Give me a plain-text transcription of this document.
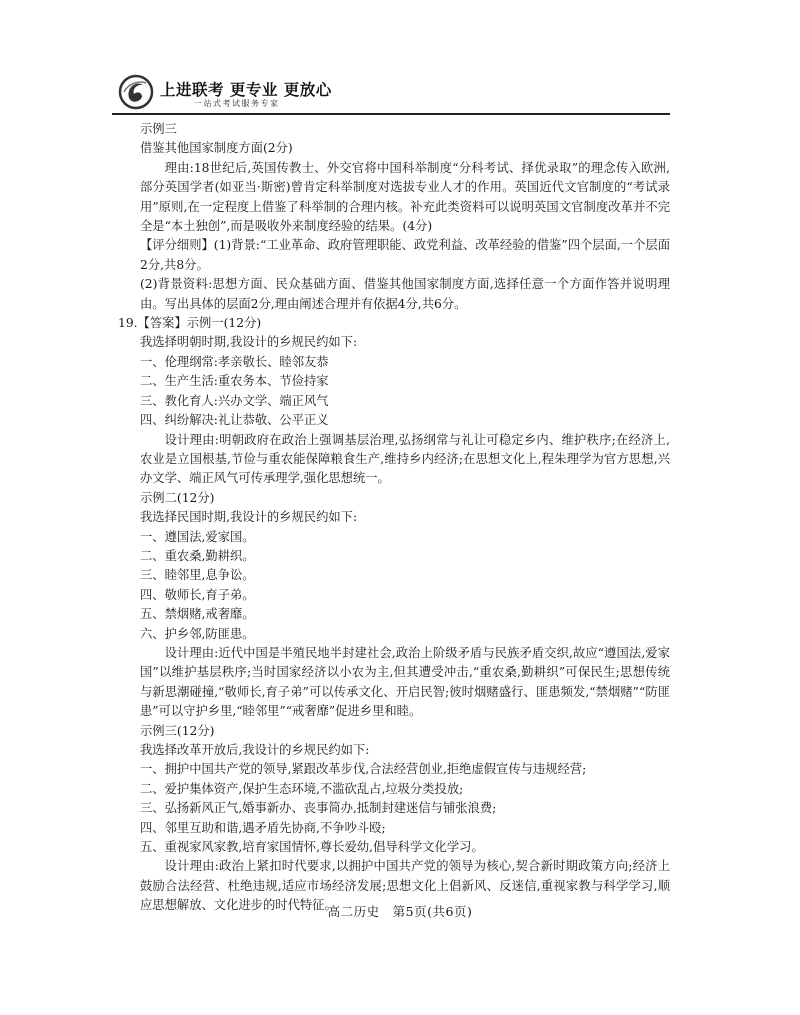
上进联考 更专业 更放心
一站式考试服务专家

示例三

借鉴其他国家制度方面(2分)

理由:18世纪后,英国传教士、外交官将中国科举制度“分科考试、择优录取”的理念传入欧洲,部分英国学者(如亚当·斯密)曾肯定科举制度对选拔专业人才的作用。英国近代文官制度的“考试录用”原则,在一定程度上借鉴了科举制的合理内核。补充此类资料可以说明英国文官制度改革并不完全是“本土独创”,而是吸收外来制度经验的结果。(4分)

【评分细则】(1)背景:“工业革命、政府管理职能、政党利益、改革经验的借鉴”四个层面,一个层面2分,共8分。

(2)背景资料:思想方面、民众基础方面、借鉴其他国家制度方面,选择任意一个方面作答并说明理由。写出具体的层面2分,理由阐述合理并有依据4分,共6分。

19.【答案】示例一(12分)

我选择明朝时期,我设计的乡规民约如下:

一、伦理纲常:孝亲敬长、睦邻友恭

二、生产生活:重农务本、节俭持家

三、教化育人:兴办文学、端正风气

四、纠纷解决:礼让恭敬、公平正义

设计理由:明朝政府在政治上强调基层治理,弘扬纲常与礼让可稳定乡内、维护秩序;在经济上,农业是立国根基,节俭与重农能保障粮食生产,维持乡内经济;在思想文化上,程朱理学为官方思想,兴办文学、端正风气可传承理学,强化思想统一。

示例二(12分)

我选择民国时期,我设计的乡规民约如下:

一、遵国法,爱家国。

二、重农桑,勤耕织。

三、睦邻里,息争讼。

四、敬师长,育子弟。

五、禁烟赌,戒奢靡。

六、护乡邻,防匪患。

设计理由:近代中国是半殖民地半封建社会,政治上阶级矛盾与民族矛盾交织,故应“遵国法,爱家国”以维护基层秩序;当时国家经济以小农为主,但其遭受冲击,“重农桑,勤耕织”可保民生;思想传统与新思潮碰撞,“敬师长,育子弟”可以传承文化、开启民智;彼时烟赌盛行、匪患频发,“禁烟赌”“防匪患”可以守护乡里,“睦邻里”“戒奢靡”促进乡里和睦。

示例三(12分)

我选择改革开放后,我设计的乡规民约如下:

一、拥护中国共产党的领导,紧跟改革步伐,合法经营创业,拒绝虚假宣传与违规经营;

二、爱护集体资产,保护生态环境,不滥砍乱占,垃圾分类投放;

三、弘扬新风正气,婚事新办、丧事简办,抵制封建迷信与铺张浪费;

四、邻里互助和谐,遇矛盾先协商,不争吵斗殴;

五、重视家风家教,培育家国情怀,尊长爱幼,倡导科学文化学习。

设计理由:政治上紧扣时代要求,以拥护中国共产党的领导为核心,契合新时期政策方向;经济上鼓励合法经营、杜绝违规,适应市场经济发展;思想文化上倡新风、反迷信,重视家教与科学学习,顺应思想解放、文化进步的时代特征。

高二历史　第5页(共6页)
